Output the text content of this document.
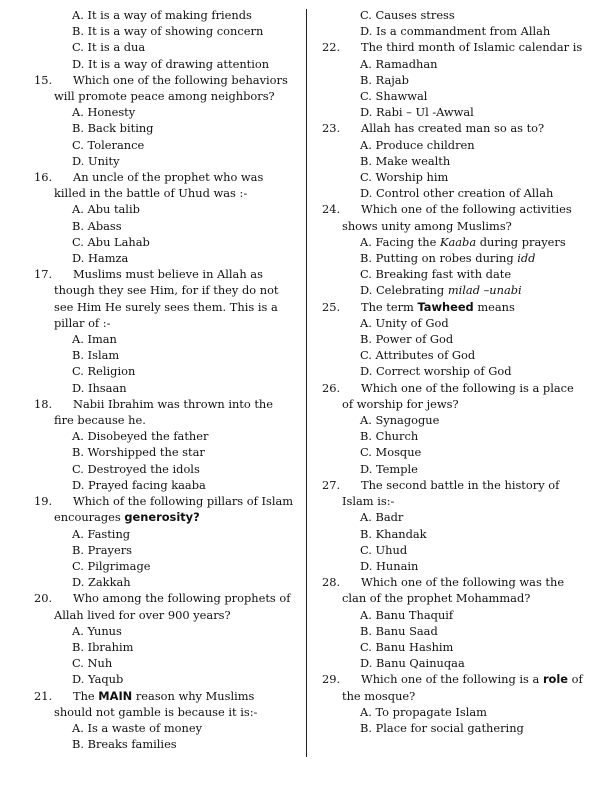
A. It is a way of making friends
B. It is a way of showing concern
C. It is a dua
D. It is a way of drawing attention
15. Which one of the following behaviors will promote peace among neighbors?
A. Honesty
B. Back biting
C. Tolerance
D. Unity
16. An uncle of the prophet who was killed in the battle of Uhud was :-
A. Abu talib
B. Abass
C. Abu Lahab
D. Hamza
17. Muslims must believe in Allah as though they see Him, for if they do not see Him He surely sees them. This is a pillar of :-
A. Iman
B. Islam
C. Religion
D. Ihsaan
18. Nabii Ibrahim was thrown into the fire because he.
A. Disobeyed the father
B. Worshipped the star
C. Destroyed the idols
D. Prayed facing kaaba
19. Which of the following pillars of Islam encourages generosity?
A. Fasting
B. Prayers
C. Pilgrimage
D. Zakkah
20. Who among the following prophets of Allah lived for over 900 years?
A. Yunus
B. Ibrahim
C. Nuh
D. Yaqub
21. The MAIN reason why Muslims should not gamble is because it is:-
A. Is a waste of money
B. Breaks families
C. Causes stress
D. Is a commandment from Allah
22. The third month of Islamic calendar is
A. Ramadhan
B. Rajab
C. Shawwal
D. Rabi – Ul -Awwal
23. Allah has created man so as to?
A. Produce children
B. Make wealth
C. Worship him
D. Control other creation of Allah
24. Which one of the following activities shows unity among Muslims?
A. Facing the Kaaba during prayers
B. Putting on robes during idd
C. Breaking fast with date
D. Celebrating milad –unabi
25. The term Tawheed means
A. Unity of God
B. Power of God
C. Attributes of God
D. Correct worship of God
26. Which one of the following is a place of worship for jews?
A. Synagogue
B. Church
C. Mosque
D. Temple
27. The second battle in the history of Islam is:-
A. Badr
B. Khandak
C. Uhud
D. Hunain
28. Which one of the following was the clan of the prophet Mohammad?
A. Banu Thaquif
B. Banu Saad
C. Banu Hashim
D. Banu Qainuqaa
29. Which one of the following is a role of the mosque?
A. To propagate Islam
B. Place for social gathering
